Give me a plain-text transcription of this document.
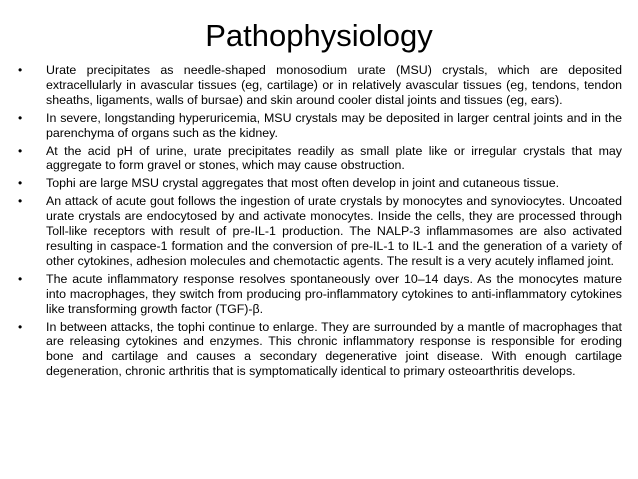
Pathophysiology
•	Urate precipitates as needle-shaped monosodium urate (MSU) crystals, which are deposited extracellularly in avascular tissues (eg, cartilage) or in relatively avascular tissues (eg, tendons, tendon sheaths, ligaments, walls of bursae) and skin around cooler distal joints and tissues (eg, ears).
•	In severe, longstanding hyperuricemia, MSU crystals may be deposited in larger central joints and in the parenchyma of organs such as the kidney.
•	At the acid pH of urine, urate precipitates readily as small plate like or irregular crystals that may aggregate to form gravel or stones, which may cause obstruction.
•	Tophi are large MSU crystal aggregates that most often develop in joint and cutaneous tissue.
•	An attack of acute gout follows the ingestion of urate crystals by monocytes and synoviocytes. Uncoated urate crystals are endocytosed by and activate monocytes. Inside the cells, they are processed through Toll-like receptors with result of pre-IL-1 production. The NALP-3 inflammasomes are also activated resulting in caspace-1 formation and the conversion of pre-IL-1 to IL-1 and the generation of a variety of other cytokines, adhesion molecules and chemotactic agents. The result is a very acutely inflamed joint.
•	The acute inflammatory response resolves spontaneously over 10–14 days. As the monocytes mature into macrophages, they switch from producing pro-inflammatory cytokines to anti-inflammatory cytokines like transforming growth factor (TGF)-β.
•	In between attacks, the tophi continue to enlarge. They are surrounded by a mantle of macrophages that are releasing cytokines and enzymes. This chronic inflammatory response is responsible for eroding bone and cartilage and causes a secondary degenerative joint disease. With enough cartilage degeneration, chronic arthritis that is symptomatically identical to primary osteoarthritis develops.
